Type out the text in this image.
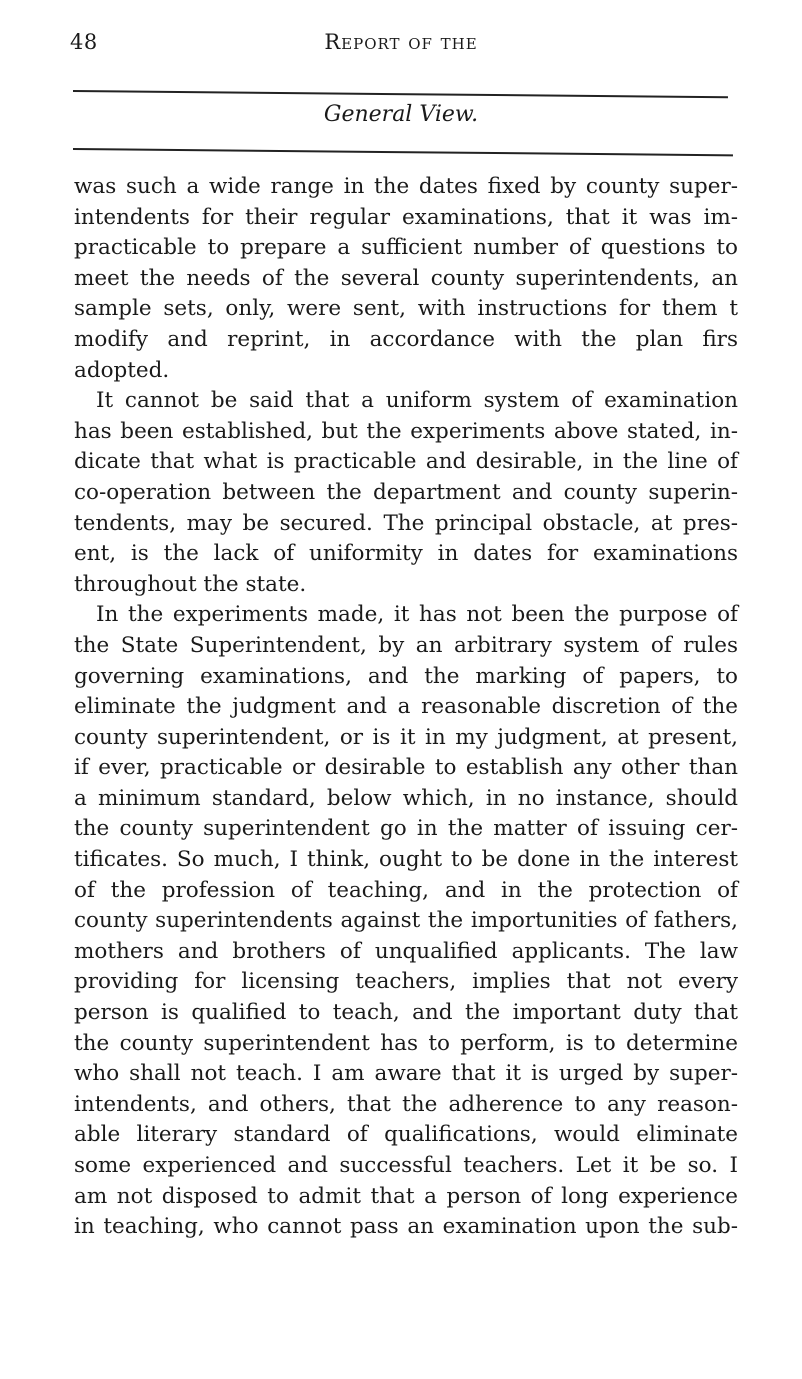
48	Report of the
General View.
was such a wide range in the dates fixed by county super-
intendents for their regular examinations, that it was im-
practicable to prepare a sufficient number of questions to
meet the needs of the several county superintendents, an
sample sets, only, were sent, with instructions for them t
modify and reprint, in accordance with the plan firs
adopted.
It cannot be said that a uniform system of examination
has been established, but the experiments above stated, in-
dicate that what is practicable and desirable, in the line of
co-operation between the department and county superin-
tendents, may be secured. The principal obstacle, at pres-
ent, is the lack of uniformity in dates for examinations
throughout the state.
In the experiments made, it has not been the purpose of
the State Superintendent, by an arbitrary system of rules
governing examinations, and the marking of papers, to
eliminate the judgment and a reasonable discretion of the
county superintendent, or is it in my judgment, at present,
if ever, practicable or desirable to establish any other than
a minimum standard, below which, in no instance, should
the county superintendent go in the matter of issuing cer-
tificates. So much, I think, ought to be done in the interest
of the profession of teaching, and in the protection of
county superintendents against the importunities of fathers,
mothers and brothers of unqualified applicants. The law
providing for licensing teachers, implies that not every
person is qualified to teach, and the important duty that
the county superintendent has to perform, is to determine
who shall not teach. I am aware that it is urged by super-
intendents, and others, that the adherence to any reason-
able literary standard of qualifications, would eliminate
some experienced and successful teachers. Let it be so. I
am not disposed to admit that a person of long experience
in teaching, who cannot pass an examination upon the sub-
